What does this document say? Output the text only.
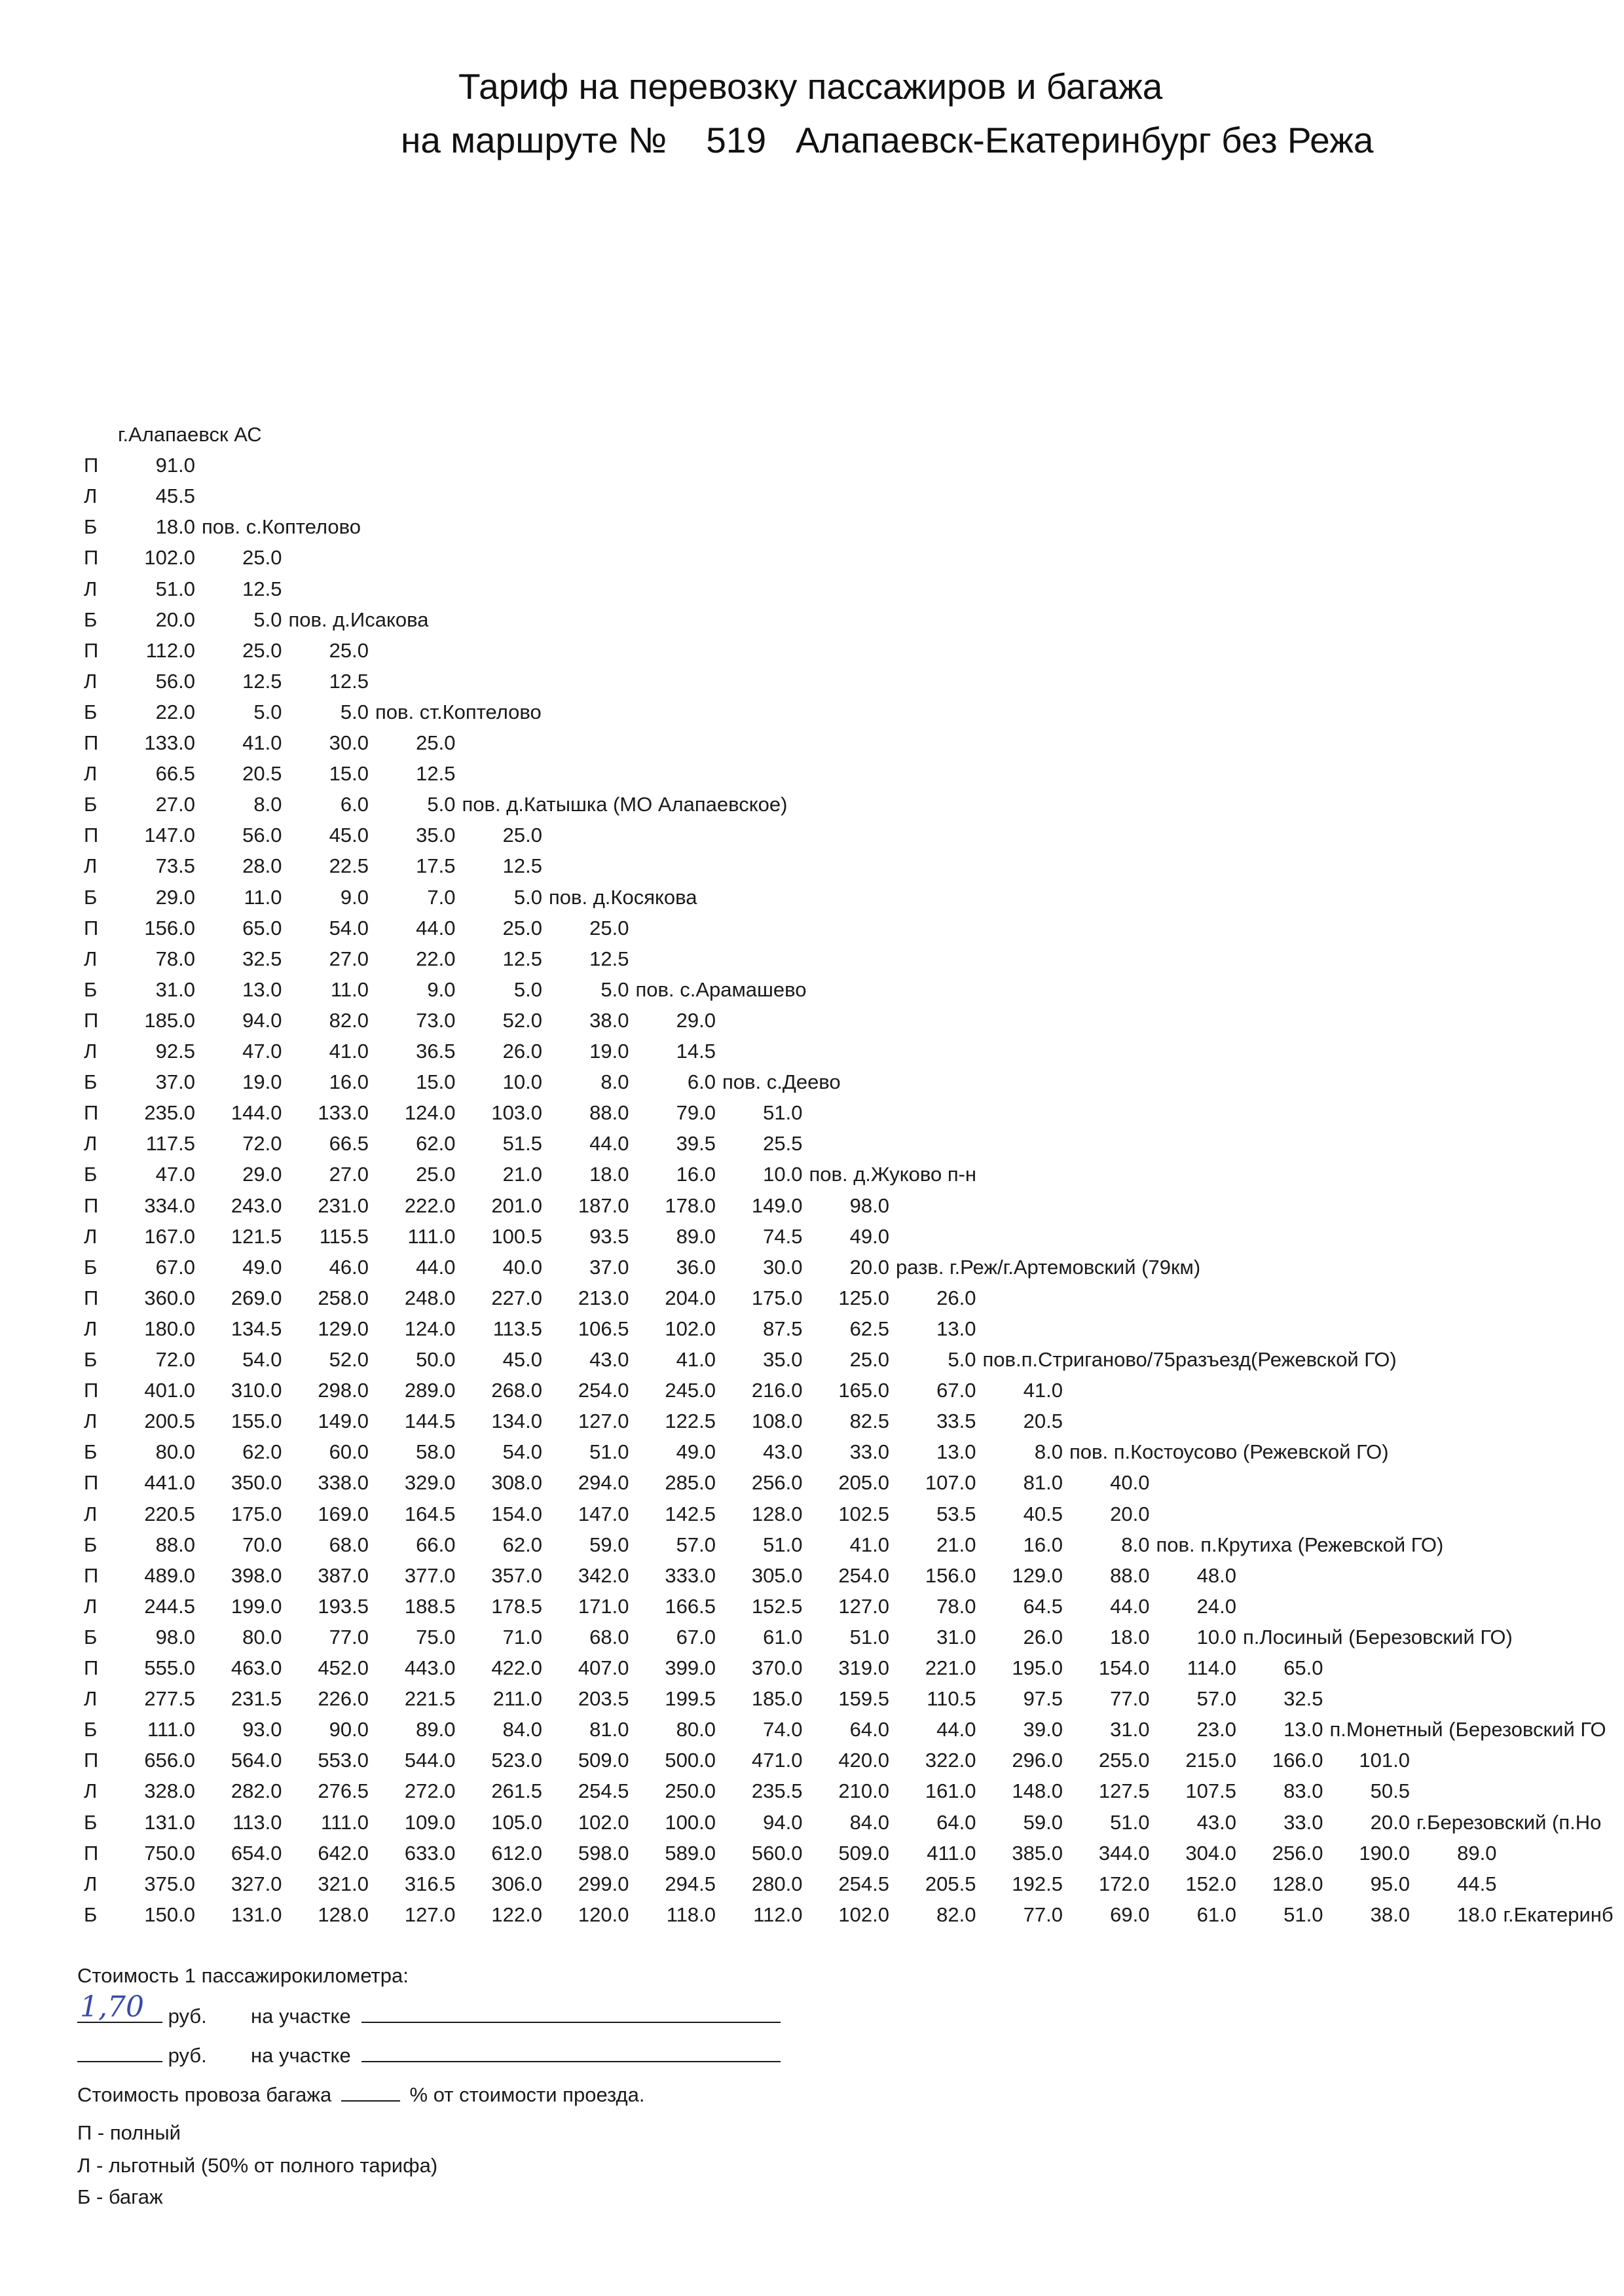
Тариф на перевозку пассажиров и багажа
на маршруте № 519 Алапаевск-Екатеринбург без Режа
г.Алапаевск АС
П	91.0
Л	45.5
Б	18.0 пов. с.Коптелово
П	102.0	25.0
Л	51.0	12.5
Б	20.0	5.0 пов. д.Исакова
П	112.0	25.0	25.0
Л	56.0	12.5	12.5
Б	22.0	5.0	5.0 пов. ст.Коптелово
П	133.0	41.0	30.0	25.0
Л	66.5	20.5	15.0	12.5
Б	27.0	8.0	6.0	5.0 пов. д.Катышка (МО Алапаевское)
П	147.0	56.0	45.0	35.0	25.0
Л	73.5	28.0	22.5	17.5	12.5
Б	29.0	11.0	9.0	7.0	5.0 пов. д.Косякова
П	156.0	65.0	54.0	44.0	25.0	25.0
Л	78.0	32.5	27.0	22.0	12.5	12.5
Б	31.0	13.0	11.0	9.0	5.0	5.0 пов. с.Арамашево
П	185.0	94.0	82.0	73.0	52.0	38.0	29.0
Л	92.5	47.0	41.0	36.5	26.0	19.0	14.5
Б	37.0	19.0	16.0	15.0	10.0	8.0	6.0 пов. с.Деево
П	235.0	144.0	133.0	124.0	103.0	88.0	79.0	51.0
Л	117.5	72.0	66.5	62.0	51.5	44.0	39.5	25.5
Б	47.0	29.0	27.0	25.0	21.0	18.0	16.0	10.0 пов. д.Жуково п-н
П	334.0	243.0	231.0	222.0	201.0	187.0	178.0	149.0	98.0
Л	167.0	121.5	115.5	111.0	100.5	93.5	89.0	74.5	49.0
Б	67.0	49.0	46.0	44.0	40.0	37.0	36.0	30.0	20.0 разв. г.Реж/г.Артемовский (79км)
П	360.0	269.0	258.0	248.0	227.0	213.0	204.0	175.0	125.0	26.0
Л	180.0	134.5	129.0	124.0	113.5	106.5	102.0	87.5	62.5	13.0
Б	72.0	54.0	52.0	50.0	45.0	43.0	41.0	35.0	25.0	5.0 пов.п.Стриганово/75разъезд(Режевской ГО)
П	401.0	310.0	298.0	289.0	268.0	254.0	245.0	216.0	165.0	67.0	41.0
Л	200.5	155.0	149.0	144.5	134.0	127.0	122.5	108.0	82.5	33.5	20.5
Б	80.0	62.0	60.0	58.0	54.0	51.0	49.0	43.0	33.0	13.0	8.0 пов. п.Костоусово (Режевской ГО)
П	441.0	350.0	338.0	329.0	308.0	294.0	285.0	256.0	205.0	107.0	81.0	40.0
Л	220.5	175.0	169.0	164.5	154.0	147.0	142.5	128.0	102.5	53.5	40.5	20.0
Б	88.0	70.0	68.0	66.0	62.0	59.0	57.0	51.0	41.0	21.0	16.0	8.0 пов. п.Крутиха (Режевской ГО)
П	489.0	398.0	387.0	377.0	357.0	342.0	333.0	305.0	254.0	156.0	129.0	88.0	48.0
Л	244.5	199.0	193.5	188.5	178.5	171.0	166.5	152.5	127.0	78.0	64.5	44.0	24.0
Б	98.0	80.0	77.0	75.0	71.0	68.0	67.0	61.0	51.0	31.0	26.0	18.0	10.0 п.Лосиный (Березовский ГО)
П	555.0	463.0	452.0	443.0	422.0	407.0	399.0	370.0	319.0	221.0	195.0	154.0	114.0	65.0
Л	277.5	231.5	226.0	221.5	211.0	203.5	199.5	185.0	159.5	110.5	97.5	77.0	57.0	32.5
Б	111.0	93.0	90.0	89.0	84.0	81.0	80.0	74.0	64.0	44.0	39.0	31.0	23.0	13.0 п.Монетный (Березовский ГО
П	656.0	564.0	553.0	544.0	523.0	509.0	500.0	471.0	420.0	322.0	296.0	255.0	215.0	166.0	101.0
Л	328.0	282.0	276.5	272.0	261.5	254.5	250.0	235.5	210.0	161.0	148.0	127.5	107.5	83.0	50.5
Б	131.0	113.0	111.0	109.0	105.0	102.0	100.0	94.0	84.0	64.0	59.0	51.0	43.0	33.0	20.0 г.Березовский (п.Но
П	750.0	654.0	642.0	633.0	612.0	598.0	589.0	560.0	509.0	411.0	385.0	344.0	304.0	256.0	190.0	89.0
Л	375.0	327.0	321.0	316.5	306.0	299.0	294.5	280.0	254.5	205.5	192.5	172.0	152.0	128.0	95.0	44.5
Б	150.0	131.0	128.0	127.0	122.0	120.0	118.0	112.0	102.0	82.0	77.0	69.0	61.0	51.0	38.0	18.0 г.Екатеринб
Стоимость 1 пассажирокилометра:
1,70	руб. на участке
руб. на участке
Стоимость провоза багажа	% от стоимости проезда.
П - полный
Л - льготный (50% от полного тарифа)
Б - багаж
